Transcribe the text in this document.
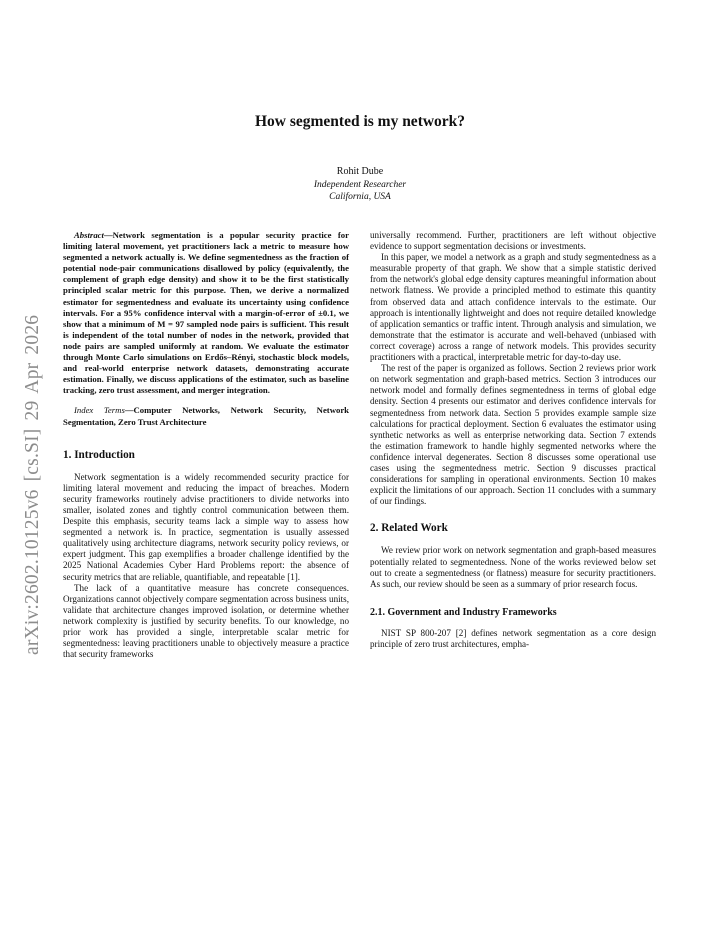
arXiv:2602.10125v6 [cs.SI] 29 Apr 2026
How segmented is my network?
Rohit Dube
Independent Researcher
California, USA

Abstract—Network segmentation is a popular security practice for limiting lateral movement, yet practitioners lack a metric to measure how segmented a network actually is. We define segmentedness as the fraction of potential node-pair communications disallowed by policy (equivalently, the complement of graph edge density) and show it to be the first statistically principled scalar metric for this purpose. Then, we derive a normalized estimator for segmentedness and evaluate its uncertainty using confidence intervals. For a 95% confidence interval with a margin-of-error of ±0.1, we show that a minimum of M = 97 sampled node pairs is sufficient. This result is independent of the total number of nodes in the network, provided that node pairs are sampled uniformly at random. We evaluate the estimator through Monte Carlo simulations on Erdős–Rényi, stochastic block models, and real-world enterprise network datasets, demonstrating accurate estimation. Finally, we discuss applications of the estimator, such as baseline tracking, zero trust assessment, and merger integration.

Index Terms—Computer Networks, Network Security, Network Segmentation, Zero Trust Architecture

1. Introduction

Network segmentation is a widely recommended security practice for limiting lateral movement and reducing the impact of breaches. Modern security frameworks routinely advise practitioners to divide networks into smaller, isolated zones and tightly control communication between them. Despite this emphasis, security teams lack a simple way to assess how segmented a network is. In practice, segmentation is usually assessed qualitatively using architecture diagrams, network security policy reviews, or expert judgment. This gap exemplifies a broader challenge identified by the 2025 National Academies Cyber Hard Problems report: the absence of security metrics that are reliable, quantifiable, and repeatable [1].

The lack of a quantitative measure has concrete consequences. Organizations cannot objectively compare segmentation across business units, validate that architecture changes improved isolation, or determine whether network complexity is justified by security benefits. To our knowledge, no prior work has provided a single, interpretable scalar metric for segmentedness: leaving practitioners unable to objectively measure a practice that security frameworks

universally recommend. Further, practitioners are left without objective evidence to support segmentation decisions or investments.

In this paper, we model a network as a graph and study segmentedness as a measurable property of that graph. We show that a simple statistic derived from the network's global edge density captures meaningful information about network flatness. We provide a principled method to estimate this quantity from observed data and attach confidence intervals to the estimate. Our approach is intentionally lightweight and does not require detailed knowledge of application semantics or traffic intent. Through analysis and simulation, we demonstrate that the estimator is accurate and well-behaved (unbiased with correct coverage) across a range of network models. This provides security practitioners with a practical, interpretable metric for day-to-day use.

The rest of the paper is organized as follows. Section 2 reviews prior work on network segmentation and graph-based metrics. Section 3 introduces our network model and formally defines segmentedness in terms of global edge density. Section 4 presents our estimator and derives confidence intervals for segmentedness from network data. Section 5 provides example sample size calculations for practical deployment. Section 6 evaluates the estimator using synthetic networks as well as enterprise networking data. Section 7 extends the estimation framework to handle highly segmented networks where the confidence interval degenerates. Section 8 discusses some operational use cases using the segmentedness metric. Section 9 discusses practical considerations for sampling in operational environments. Section 10 makes explicit the limitations of our approach. Section 11 concludes with a summary of our findings.

2. Related Work

We review prior work on network segmentation and graph-based measures potentially related to segmentedness. None of the works reviewed below set out to create a segmentedness (or flatness) measure for security practitioners. As such, our review should be seen as a summary of prior research focus.

2.1. Government and Industry Frameworks

NIST SP 800-207 [2] defines network segmentation as a core design principle of zero trust architectures, empha-
